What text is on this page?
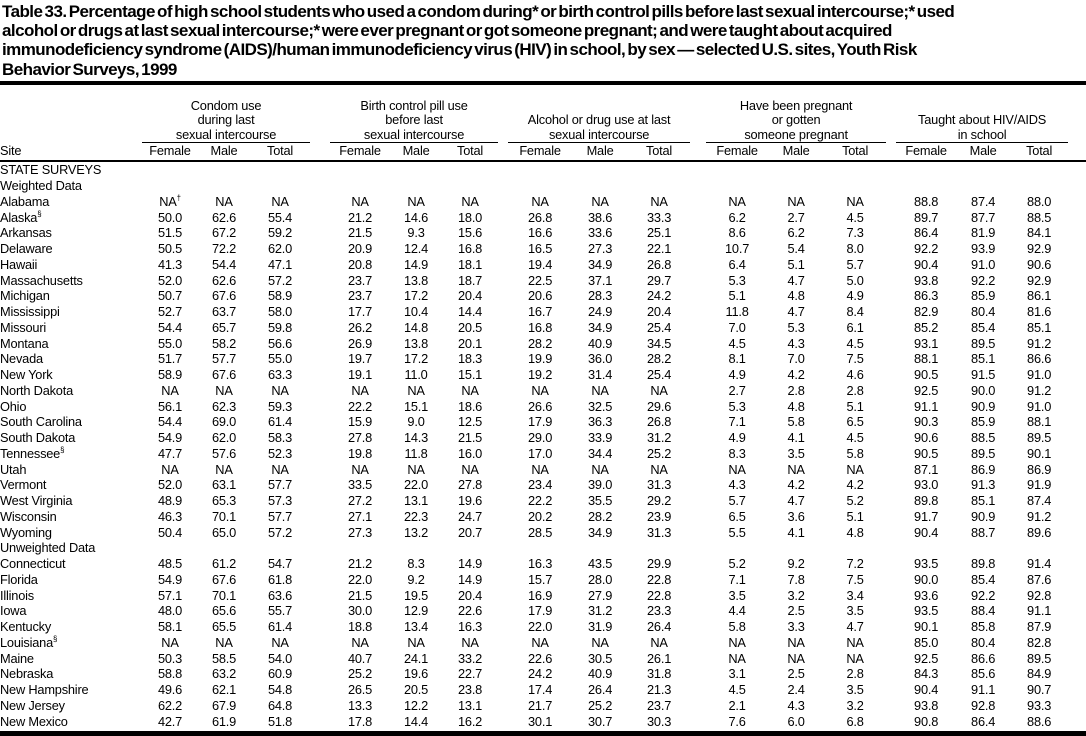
Table 33. Percentage of high school students who used a condom during* or birth control pills before last sexual intercourse;* used
alcohol or drugs at last sexual intercourse;* were ever pregnant or got someone pregnant; and were taught about acquired
immunodeficiency syndrome (AIDS)/human immunodeficiency virus (HIV) in school, by sex — selected U.S. sites, Youth Risk
Behavior Surveys, 1999

Condom use
during last
sexual intercourse

Birth control pill use
before last
sexual intercourse

Alcohol or drug use at last
sexual intercourse

Have been pregnant
or gotten
someone pregnant

Taught about HIV/AIDS
in school

Site	Female	Male	Total		Female	Male	Total		Female	Male	Total		Female	Male	Total		Female	Male	Total	
STATE SURVEYS																				
Weighted Data																				
Alabama	NA†	NA	NA		NA	NA	NA		NA	NA	NA		NA	NA	NA		88.8	87.4	88.0	
Alaska§	50.0	62.6	55.4		21.2	14.6	18.0		26.8	38.6	33.3		6.2	2.7	4.5		89.7	87.7	88.5	
Arkansas	51.5	67.2	59.2		21.5	9.3	15.6		16.6	33.6	25.1		8.6	6.2	7.3		86.4	81.9	84.1	
Delaware	50.5	72.2	62.0		20.9	12.4	16.8		16.5	27.3	22.1		10.7	5.4	8.0		92.2	93.9	92.9	
Hawaii	41.3	54.4	47.1		20.8	14.9	18.1		19.4	34.9	26.8		6.4	5.1	5.7		90.4	91.0	90.6	
Massachusetts	52.0	62.6	57.2		23.7	13.8	18.7		22.5	37.1	29.7		5.3	4.7	5.0		93.8	92.2	92.9	
Michigan	50.7	67.6	58.9		23.7	17.2	20.4		20.6	28.3	24.2		5.1	4.8	4.9		86.3	85.9	86.1	
Mississippi	52.7	63.7	58.0		17.7	10.4	14.4		16.7	24.9	20.4		11.8	4.7	8.4		82.9	80.4	81.6	
Missouri	54.4	65.7	59.8		26.2	14.8	20.5		16.8	34.9	25.4		7.0	5.3	6.1		85.2	85.4	85.1	
Montana	55.0	58.2	56.6		26.9	13.8	20.1		28.2	40.9	34.5		4.5	4.3	4.5		93.1	89.5	91.2	
Nevada	51.7	57.7	55.0		19.7	17.2	18.3		19.9	36.0	28.2		8.1	7.0	7.5		88.1	85.1	86.6	
New York	58.9	67.6	63.3		19.1	11.0	15.1		19.2	31.4	25.4		4.9	4.2	4.6		90.5	91.5	91.0	
North Dakota	NA	NA	NA		NA	NA	NA		NA	NA	NA		2.7	2.8	2.8		92.5	90.0	91.2	
Ohio	56.1	62.3	59.3		22.2	15.1	18.6		26.6	32.5	29.6		5.3	4.8	5.1		91.1	90.9	91.0	
South Carolina	54.4	69.0	61.4		15.9	9.0	12.5		17.9	36.3	26.8		7.1	5.8	6.5		90.3	85.9	88.1	
South Dakota	54.9	62.0	58.3		27.8	14.3	21.5		29.0	33.9	31.2		4.9	4.1	4.5		90.6	88.5	89.5	
Tennessee§	47.7	57.6	52.3		19.8	11.8	16.0		17.0	34.4	25.2		8.3	3.5	5.8		90.5	89.5	90.1	
Utah	NA	NA	NA		NA	NA	NA		NA	NA	NA		NA	NA	NA		87.1	86.9	86.9	
Vermont	52.0	63.1	57.7		33.5	22.0	27.8		23.4	39.0	31.3		4.3	4.2	4.2		93.0	91.3	91.9	
West Virginia	48.9	65.3	57.3		27.2	13.1	19.6		22.2	35.5	29.2		5.7	4.7	5.2		89.8	85.1	87.4	
Wisconsin	46.3	70.1	57.7		27.1	22.3	24.7		20.2	28.2	23.9		6.5	3.6	5.1		91.7	90.9	91.2	
Wyoming	50.4	65.0	57.2		27.3	13.2	20.7		28.5	34.9	31.3		5.5	4.1	4.8		90.4	88.7	89.6	
Unweighted Data																				
Connecticut	48.5	61.2	54.7		21.2	8.3	14.9		16.3	43.5	29.9		5.2	9.2	7.2		93.5	89.8	91.4	
Florida	54.9	67.6	61.8		22.0	9.2	14.9		15.7	28.0	22.8		7.1	7.8	7.5		90.0	85.4	87.6	
Illinois	57.1	70.1	63.6		21.5	19.5	20.4		16.9	27.9	22.8		3.5	3.2	3.4		93.6	92.2	92.8	
Iowa	48.0	65.6	55.7		30.0	12.9	22.6		17.9	31.2	23.3		4.4	2.5	3.5		93.5	88.4	91.1	
Kentucky	58.1	65.5	61.4		18.8	13.4	16.3		22.0	31.9	26.4		5.8	3.3	4.7		90.1	85.8	87.9	
Louisiana§	NA	NA	NA		NA	NA	NA		NA	NA	NA		NA	NA	NA		85.0	80.4	82.8	
Maine	50.3	58.5	54.0		40.7	24.1	33.2		22.6	30.5	26.1		NA	NA	NA		92.5	86.6	89.5	
Nebraska	58.8	63.2	60.9		25.2	19.6	22.7		24.2	40.9	31.8		3.1	2.5	2.8		84.3	85.6	84.9	
New Hampshire	49.6	62.1	54.8		26.5	20.5	23.8		17.4	26.4	21.3		4.5	2.4	3.5		90.4	91.1	90.7	
New Jersey	62.2	67.9	64.8		13.3	12.2	13.1		21.7	25.2	23.7		2.1	4.3	3.2		93.8	92.8	93.3	
New Mexico	42.7	61.9	51.8		17.8	14.4	16.2		30.1	30.7	30.3		7.6	6.0	6.8		90.8	86.4	88.6	
